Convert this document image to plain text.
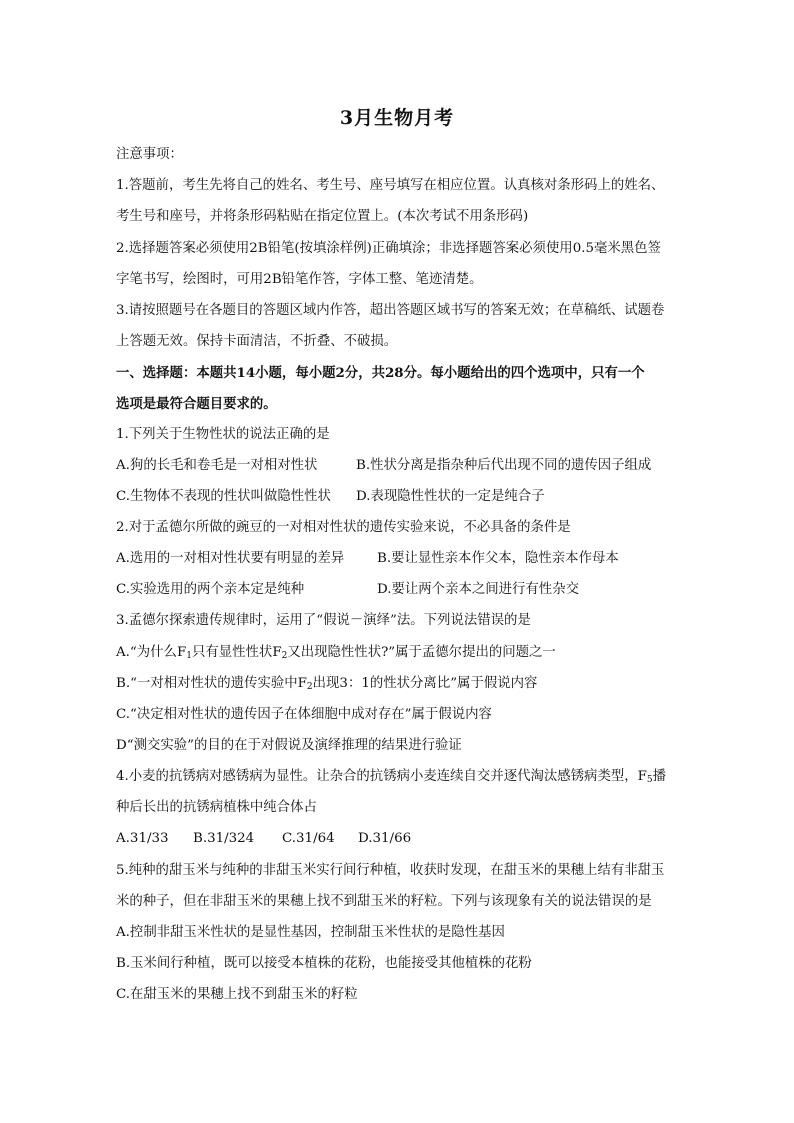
3月生物月考
注意事项：
1.答题前，考生先将自己的姓名、考生号、座号填写在相应位置。认真核对条形码上的姓名、
考生号和座号，并将条形码粘贴在指定位置上。(本次考试不用条形码)
2.选择题答案必须使用2B铅笔(按填涂样例)正确填涂；非选择题答案必须使用0.5毫米黑色签
字笔书写，绘图时，可用2B铅笔作答，字体工整、笔迹清楚。
3.请按照题号在各题目的答题区域内作答，超出答题区域书写的答案无效；在草稿纸、试题卷
上答题无效。保持卡面清洁，不折叠、不破损。
一、选择题：本题共14小题，每小题2分，共28分。每小题给出的四个选项中，只有一个
选项是最符合题目要求的。
1.下列关于生物性状的说法正确的是
A.狗的长毛和卷毛是一对相对性状	B.性状分离是指杂种后代出现不同的遗传因子组成
C.生物体不表现的性状叫做隐性性状 D.表现隐性性状的一定是纯合子
2.对于孟德尔所做的豌豆的一对相对性状的遗传实验来说，不必具备的条件是
A.选用的一对相对性状要有明显的差异 B.要让显性亲本作父本，隐性亲本作母本
C.实验选用的两个亲本定是纯种	D.要让两个亲本之间进行有性杂交
3.孟德尔探索遗传规律时，运用了“假说－演绎”法。下列说法错误的是
A.“为什么$F_1$只有显性性状$F_2$又出现隐性性状?”属于孟德尔提出的问题之一
B.“一对相对性状的遗传实验中$F_2$出现3：1的性状分离比”属于假说内容
C.“决定相对性状的遗传因子在体细胞中成对存在”属于假说内容
D“测交实验”的目的在于对假说及演绎推理的结果进行验证
4.小麦的抗锈病对感锈病为显性。让杂合的抗锈病小麦连续自交并逐代淘汰感锈病类型，$F_5$播
种后长出的抗锈病植株中纯合体占
A.31/33 B.31/324 C.31/64 D.31/66
5.纯种的甜玉米与纯种的非甜玉米实行间行种植，收获时发现，在甜玉米的果穗上结有非甜玉
米的种子，但在非甜玉米的果穗上找不到甜玉米的籽粒。下列与该现象有关的说法错误的是
A.控制非甜玉米性状的是显性基因，控制甜玉米性状的是隐性基因
B.玉米间行种植，既可以接受本植株的花粉，也能接受其他植株的花粉
C.在甜玉米的果穗上找不到甜玉米的籽粒
